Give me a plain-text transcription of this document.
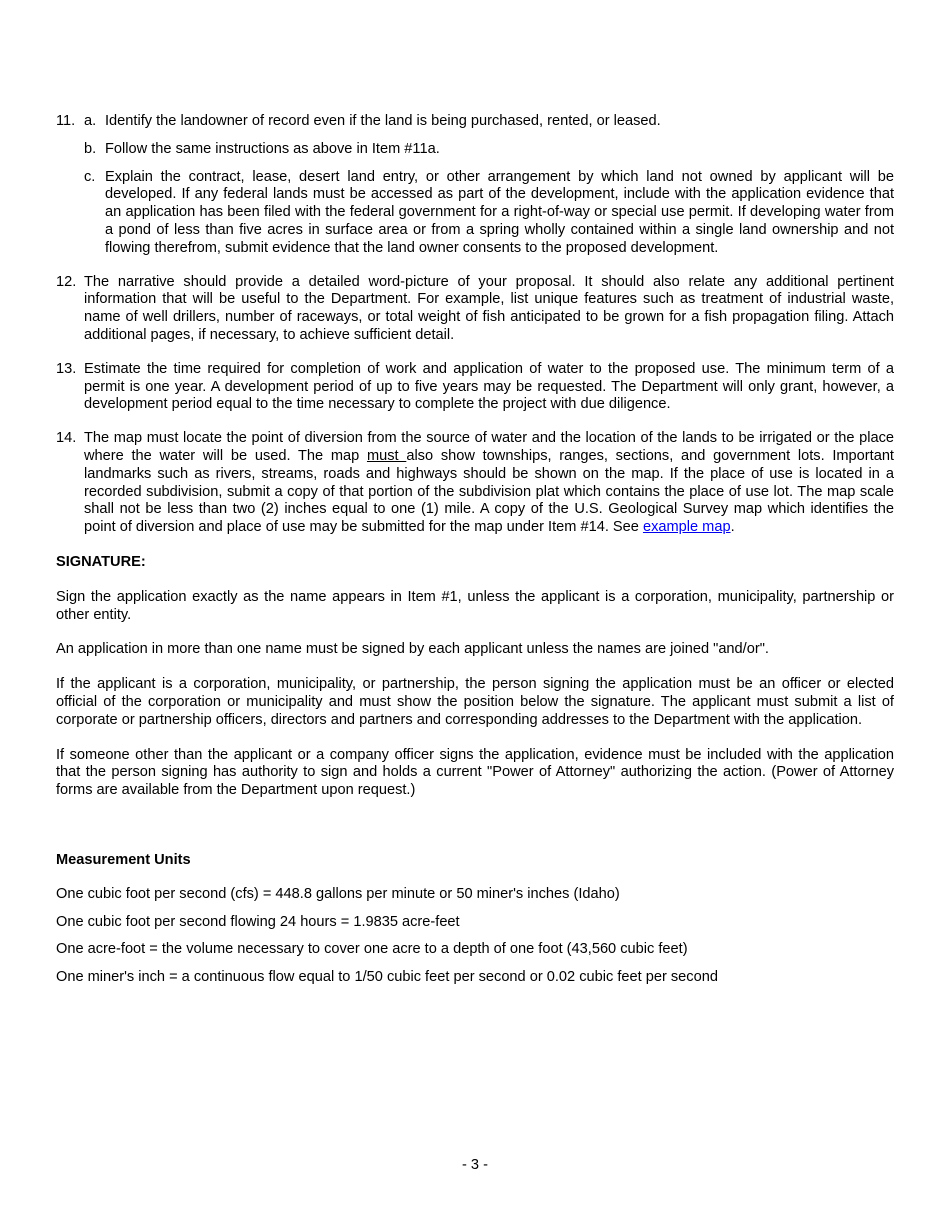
11. a. Identify the landowner of record even if the land is being purchased, rented, or leased.
b. Follow the same instructions as above in Item #11a.
c. Explain the contract, lease, desert land entry, or other arrangement by which land not owned by applicant will be developed. If any federal lands must be accessed as part of the development, include with the application evidence that an application has been filed with the federal government for a right-of-way or special use permit. If developing water from a pond of less than five acres in surface area or from a spring wholly contained within a single land ownership and not flowing therefrom, submit evidence that the land owner consents to the proposed development.
12. The narrative should provide a detailed word-picture of your proposal. It should also relate any additional pertinent information that will be useful to the Department. For example, list unique features such as treatment of industrial waste, name of well drillers, number of raceways, or total weight of fish anticipated to be grown for a fish propagation filing. Attach additional pages, if necessary, to achieve sufficient detail.
13. Estimate the time required for completion of work and application of water to the proposed use. The minimum term of a permit is one year. A development period of up to five years may be requested. The Department will only grant, however, a development period equal to the time necessary to complete the project with due diligence.
14. The map must locate the point of diversion from the source of water and the location of the lands to be irrigated or the place where the water will be used. The map must also show townships, ranges, sections, and government lots. Important landmarks such as rivers, streams, roads and highways should be shown on the map. If the place of use is located in a recorded subdivision, submit a copy of that portion of the subdivision plat which contains the place of use lot. The map scale shall not be less than two (2) inches equal to one (1) mile. A copy of the U.S. Geological Survey map which identifies the point of diversion and place of use may be submitted for the map under Item #14. See example map.

SIGNATURE:

Sign the application exactly as the name appears in Item #1, unless the applicant is a corporation, municipality, partnership or other entity.

An application in more than one name must be signed by each applicant unless the names are joined "and/or".

If the applicant is a corporation, municipality, or partnership, the person signing the application must be an officer or elected official of the corporation or municipality and must show the position below the signature. The applicant must submit a list of corporate or partnership officers, directors and partners and corresponding addresses to the Department with the application.

If someone other than the applicant or a company officer signs the application, evidence must be included with the application that the person signing has authority to sign and holds a current "Power of Attorney" authorizing the action. (Power of Attorney forms are available from the Department upon request.)

Measurement Units

One cubic foot per second (cfs) = 448.8 gallons per minute or 50 miner's inches (Idaho)

One cubic foot per second flowing 24 hours = 1.9835 acre-feet

One acre-foot = the volume necessary to cover one acre to a depth of one foot (43,560 cubic feet)

One miner's inch = a continuous flow equal to 1/50 cubic feet per second or 0.02 cubic feet per second

- 3 -
